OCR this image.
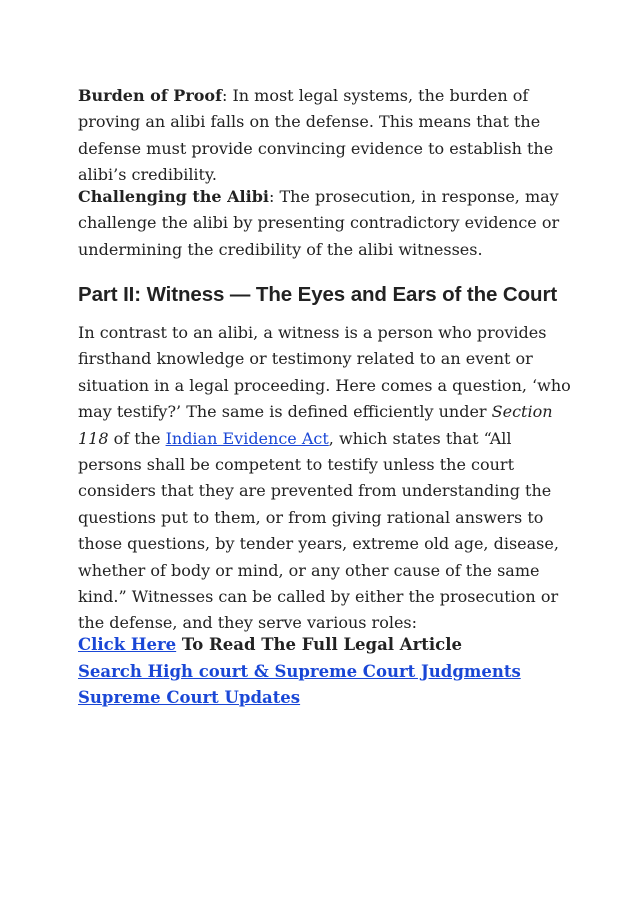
Burden of Proof: In most legal systems, the burden of proving an alibi falls on the defense. This means that the defense must provide convincing evidence to establish the alibi’s credibility.

Challenging the Alibi: The prosecution, in response, may challenge the alibi by presenting contradictory evidence or undermining the credibility of the alibi witnesses.

Part II: Witness — The Eyes and Ears of the Court

In contrast to an alibi, a witness is a person who provides firsthand knowledge or testimony related to an event or situation in a legal proceeding. Here comes a question, ‘who may testify?’ The same is defined efficiently under Section 118 of the Indian Evidence Act, which states that “All persons shall be competent to testify unless the court considers that they are prevented from understanding the questions put to them, or from giving rational answers to those questions, by tender years, extreme old age, disease, whether of body or mind, or any other cause of the same kind.” Witnesses can be called by either the prosecution or the defense, and they serve various roles:

Click Here To Read The Full Legal Article
Search High court & Supreme Court Judgments
Supreme Court Updates
